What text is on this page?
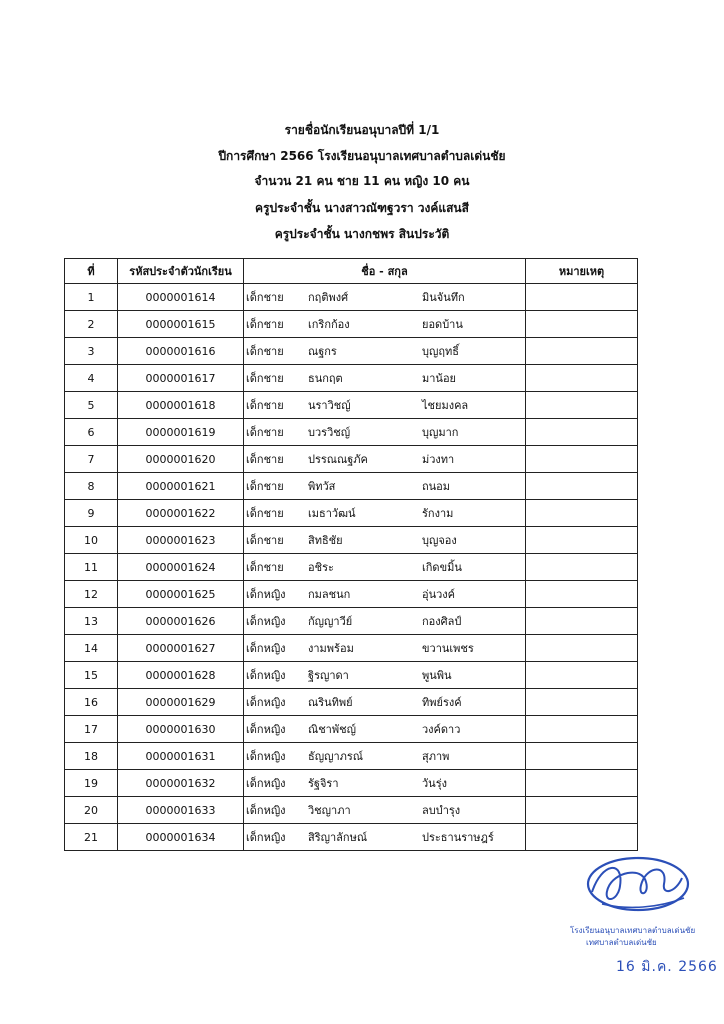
รายชื่อนักเรียนอนุบาลปีที่ 1/1
ปีการศึกษา 2566 โรงเรียนอนุบาลเทศบาลตำบลเด่นชัย
จำนวน 21 คน ชาย 11 คน หญิง 10 คน
ครูประจำชั้น นางสาวณัฑฐวรา วงค์แสนสี
ครูประจำชั้น นางกชพร สินประวัติ
ที่	รหัสประจำตัวนักเรียน	ชื่อ - สกุล	หมายเหตุ
1	0000001614	เด็กชาย กฤติพงศ์ มินจันทึก	

2	0000001615	เด็กชาย เกริกก้อง ยอดบ้าน	

3	0000001616	เด็กชาย ณฐกร บุญฤทธิ์	

4	0000001617	เด็กชาย ธนกฤต มาน้อย	

5	0000001618	เด็กชาย นราวิชญ์ ไชยมงคล	

6	0000001619	เด็กชาย บวรวิชญ์ บุญมาก	

7	0000001620	เด็กชาย ปรรณณฐภัค ม่วงทา	

8	0000001621	เด็กชาย พิทวัส ถนอม	

9	0000001622	เด็กชาย เมธาวัฒน์ รักงาม	

10	0000001623	เด็กชาย สิทธิชัย บุญจอง	

11	0000001624	เด็กชาย อชิระ เกิดขมิ้น	

12	0000001625	เด็กหญิง กมลชนก อุ่นวงค์	

13	0000001626	เด็กหญิง กัญญาวีย์ กองศิลป์	

14	0000001627	เด็กหญิง งามพร้อม ขวานเพชร	

15	0000001628	เด็กหญิง ฐิรญาดา พูนพิน	

16	0000001629	เด็กหญิง ณรินทิพย์ ทิพย์รงค์	

17	0000001630	เด็กหญิง ณิชาพัชญ์ วงค์ดาว	

18	0000001631	เด็กหญิง ธัญญาภรณ์ สุภาพ	

19	0000001632	เด็กหญิง รัฐจิรา วันรุ่ง	

20	0000001633	เด็กหญิง วิชญาภา ลบบำรุง	

21	0000001634	เด็กหญิง สิริญาลักษณ์ ประธานราษฎร์	

โรงเรียนอนุบาลเทศบาลตำบลเด่นชัย
เทศบาลตำบลเด่นชัย
16 มิ.ค. 2566
